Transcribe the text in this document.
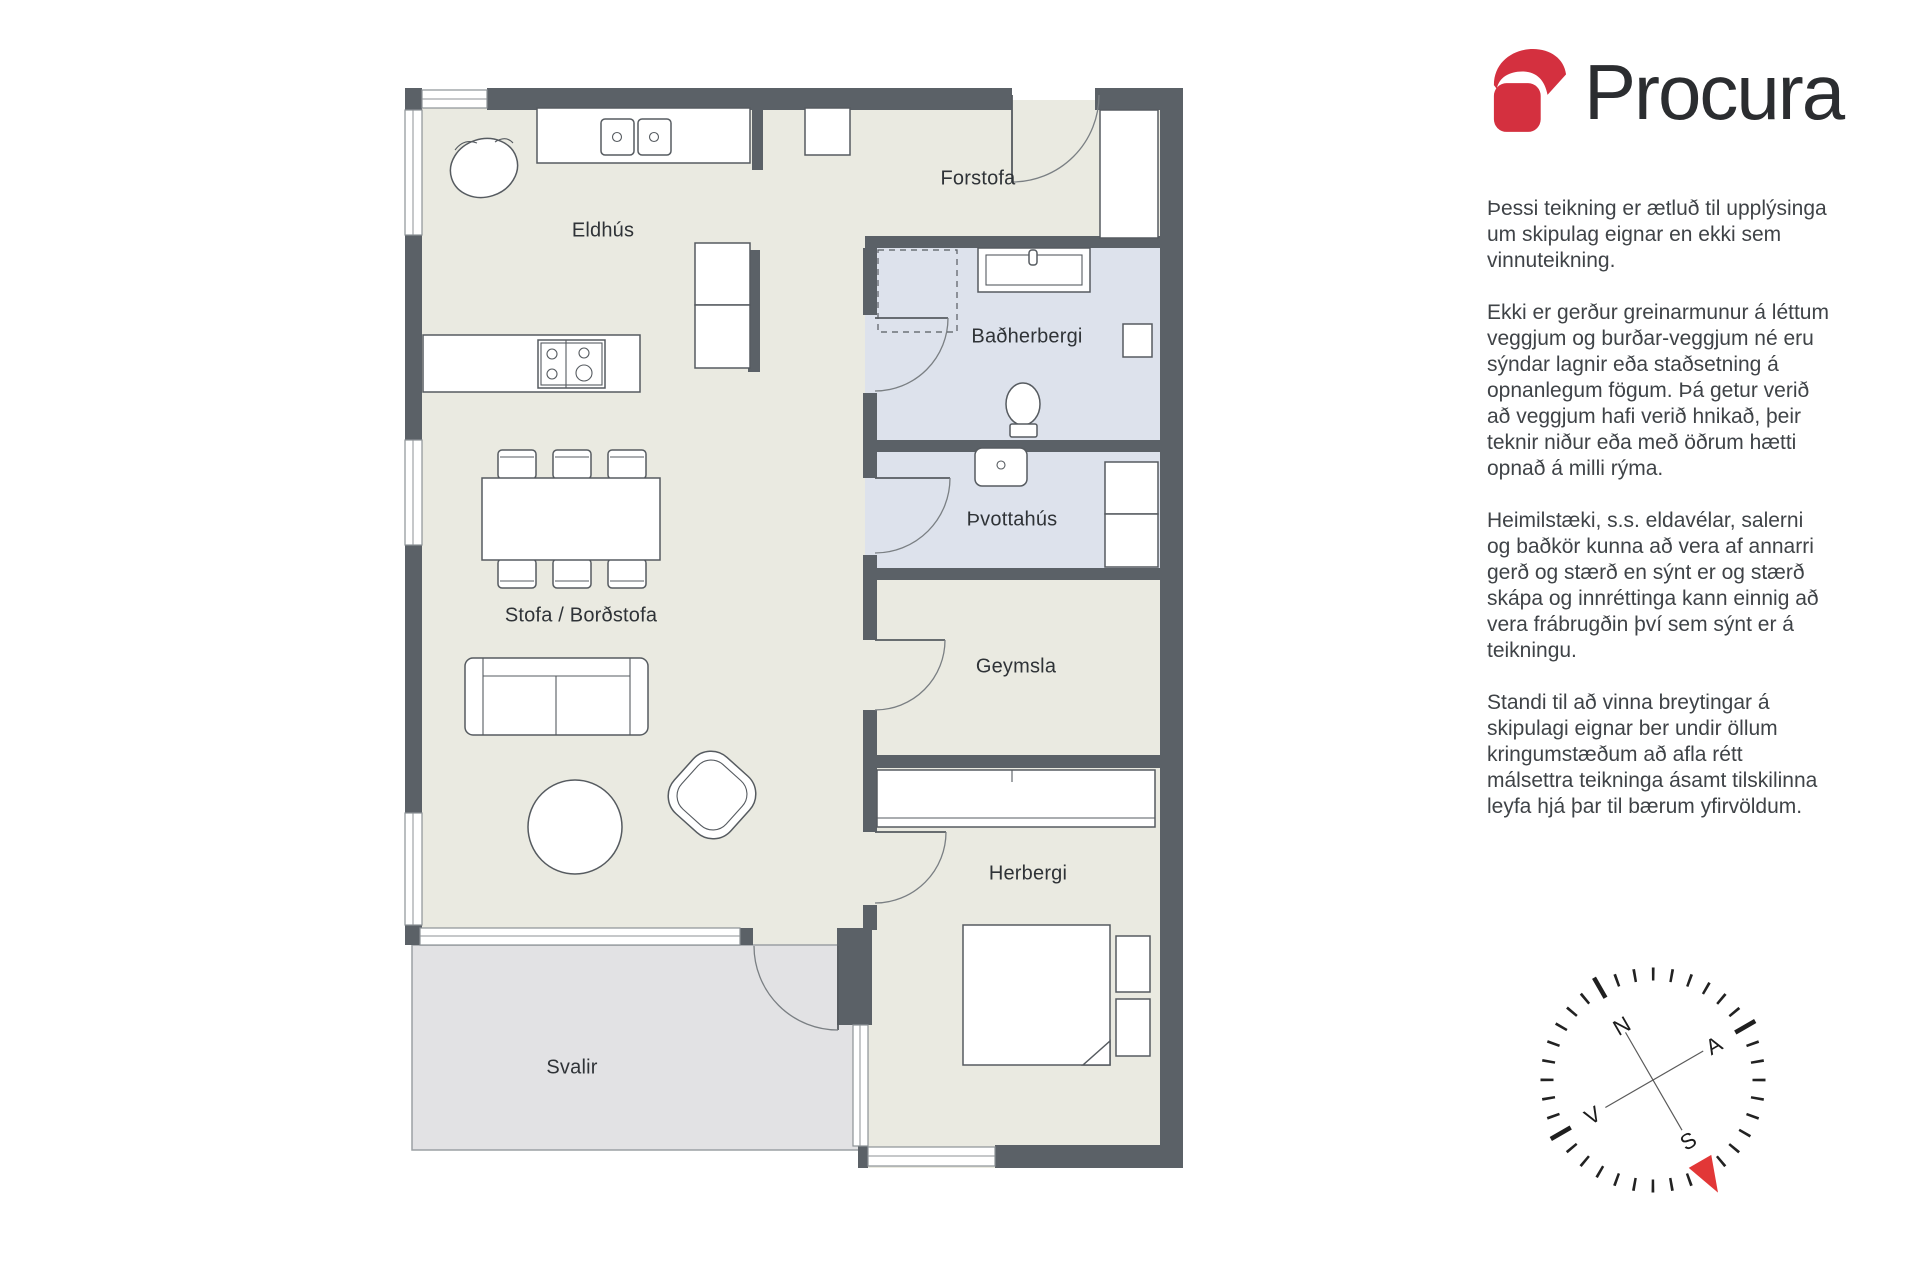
Eldhús
Forstofa
Baðherbergi
Þvottahús
Stofa / Borðstofa
Geymsla
Herbergi
Svalir
Procura

Þessi teikning er ætluð til upplýsinga um skipulag eignar en ekki sem vinnuteikning.

Ekki er gerður greinarmunur á léttum veggjum og burðar-veggjum né eru sýndar lagnir eða staðsetning á opnanlegum fögum. Þá getur verið að veggjum hafi verið hnikað, þeir teknir niður eða með öðrum hætti opnað á milli rýma.

Heimilstæki, s.s. eldavélar, salerni og baðkör kunna að vera af annarri gerð og stærð en sýnt er og stærð skápa og innréttinga kann einnig að vera frábrugðin því sem sýnt er á teikningu.

Standi til að vinna breytingar á skipulagi eignar ber undir öllum kringumstæðum að afla rétt málsettra teikninga ásamt tilskilinna leyfa hjá þar til bærum yfirvöldum.

N
A
S
V
